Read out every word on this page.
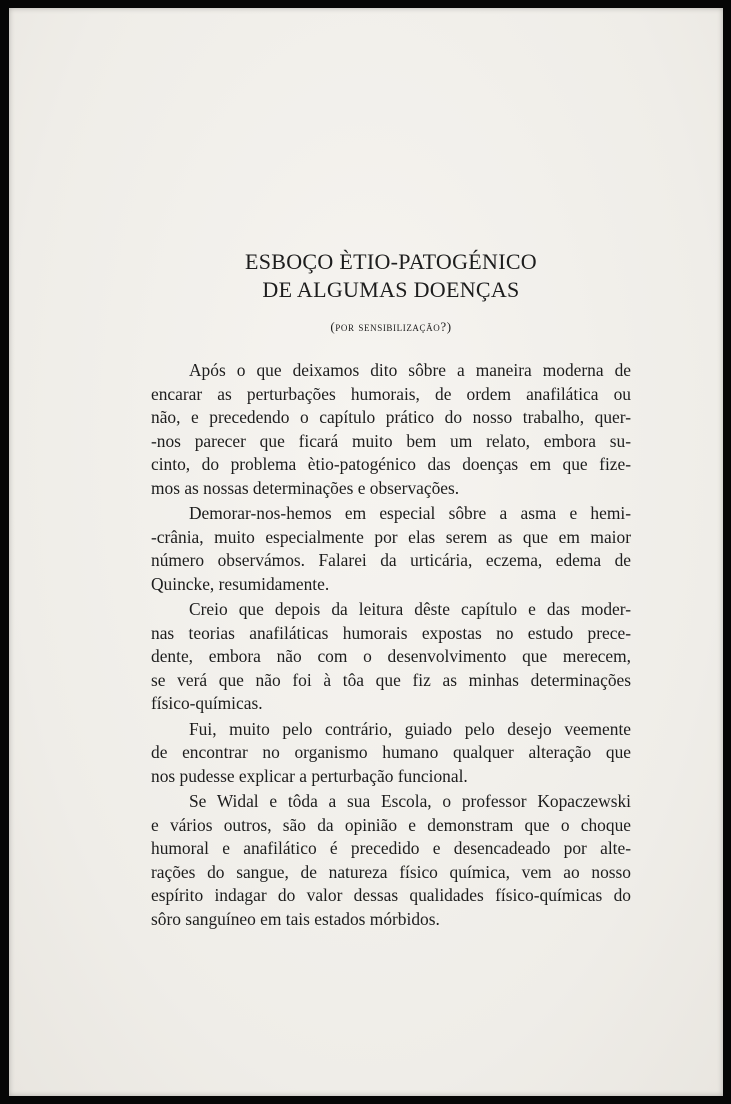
ESBOÇO ÈTIO-PATOGÉNICO
DE ALGUMAS DOENÇAS
(por sensibilização?)
Após o que deixamos dito sôbre a maneira moderna de
encarar as perturbações humorais, de ordem anafilática ou
não, e precedendo o capítulo prático do nosso trabalho, quer-
-nos parecer que ficará muito bem um relato, embora su-
cinto, do problema ètio-patogénico das doenças em que fize-
mos as nossas determinações e observações.
Demorar-nos-hemos em especial sôbre a asma e hemi-
-crânia, muito especialmente por elas serem as que em maior
número observámos. Falarei da urticária, eczema, edema de
Quincke, resumidamente.
Creio que depois da leitura dêste capítulo e das moder-
nas teorias anafiláticas humorais expostas no estudo prece-
dente, embora não com o desenvolvimento que merecem,
se verá que não foi à tôa que fiz as minhas determinações
físico-químicas.
Fui, muito pelo contrário, guiado pelo desejo veemente
de encontrar no organismo humano qualquer alteração que
nos pudesse explicar a perturbação funcional.
Se Widal e tôda a sua Escola, o professor Kopaczewski
e vários outros, são da opinião e demonstram que o choque
humoral e anafilático é precedido e desencadeado por alte-
rações do sangue, de natureza físico química, vem ao nosso
espírito indagar do valor dessas qualidades físico-químicas do
sôro sanguíneo em tais estados mórbidos.
